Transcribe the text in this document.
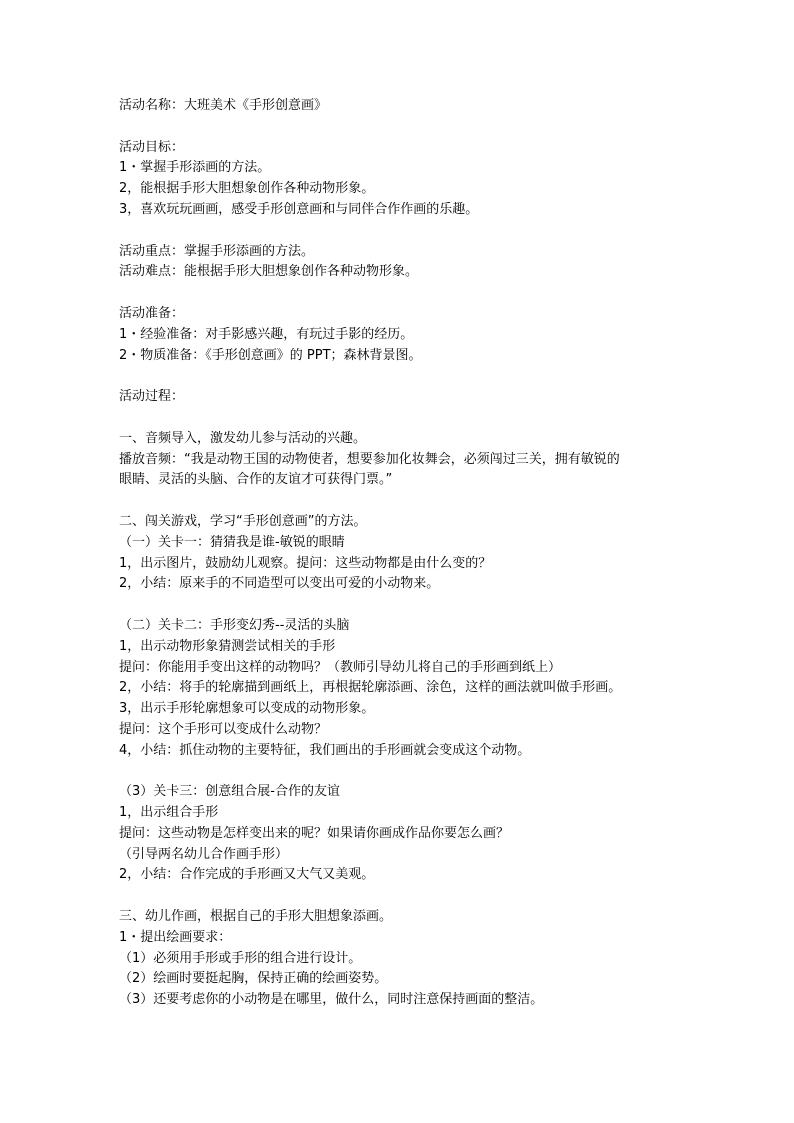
活动名称：大班美术《手形创意画》
活动目标：
1・掌握手形添画的方法。
2，能根据手形大胆想象创作各种动物形象。
3，喜欢玩玩画画，感受手形创意画和与同伴合作作画的乐趣。
活动重点：掌握手形添画的方法。
活动难点：能根据手形大胆想象创作各种动物形象。
活动准备：
1・经验准备：对手影感兴趣，有玩过手影的经历。
2・物质准备：《手形创意画》的 PPT；森林背景图。
活动过程：
一、音频导入，激发幼儿参与活动的兴趣。
播放音频：“我是动物王国的动物使者，想要参加化妆舞会，必须闯过三关，拥有敏锐的
眼睛、灵活的头脑、合作的友谊才可获得门票。”
二、闯关游戏，学习“手形创意画”的方法。
（一）关卡一：猜猜我是谁-敏锐的眼睛
1，出示图片，鼓励幼儿观察。提问：这些动物都是由什么变的？
2，小结：原来手的不同造型可以变出可爱的小动物来。
（二）关卡二：手形变幻秀--灵活的头脑
1，出示动物形象猜测尝试相关的手形
提问：你能用手变出这样的动物吗？（教师引导幼儿将自己的手形画到纸上）
2，小结：将手的轮廓描到画纸上，再根据轮廓添画、涂色，这样的画法就叫做手形画。
3，出示手形轮廓想象可以变成的动物形象。
提问：这个手形可以变成什么动物？
4，小结：抓住动物的主要特征，我们画出的手形画就会变成这个动物。
（3）关卡三：创意组合展-合作的友谊
1，出示组合手形
提问：这些动物是怎样变出来的呢？如果请你画成作品你要怎么画？
（引导两名幼儿合作画手形）
2，小结：合作完成的手形画又大气又美观。
三、幼儿作画，根据自己的手形大胆想象添画。
1・提出绘画要求：
（1）必须用手形或手形的组合进行设计。
（2）绘画时要挺起胸，保持正确的绘画姿势。
（3）还要考虑你的小动物是在哪里，做什么，同时注意保持画面的整洁。
